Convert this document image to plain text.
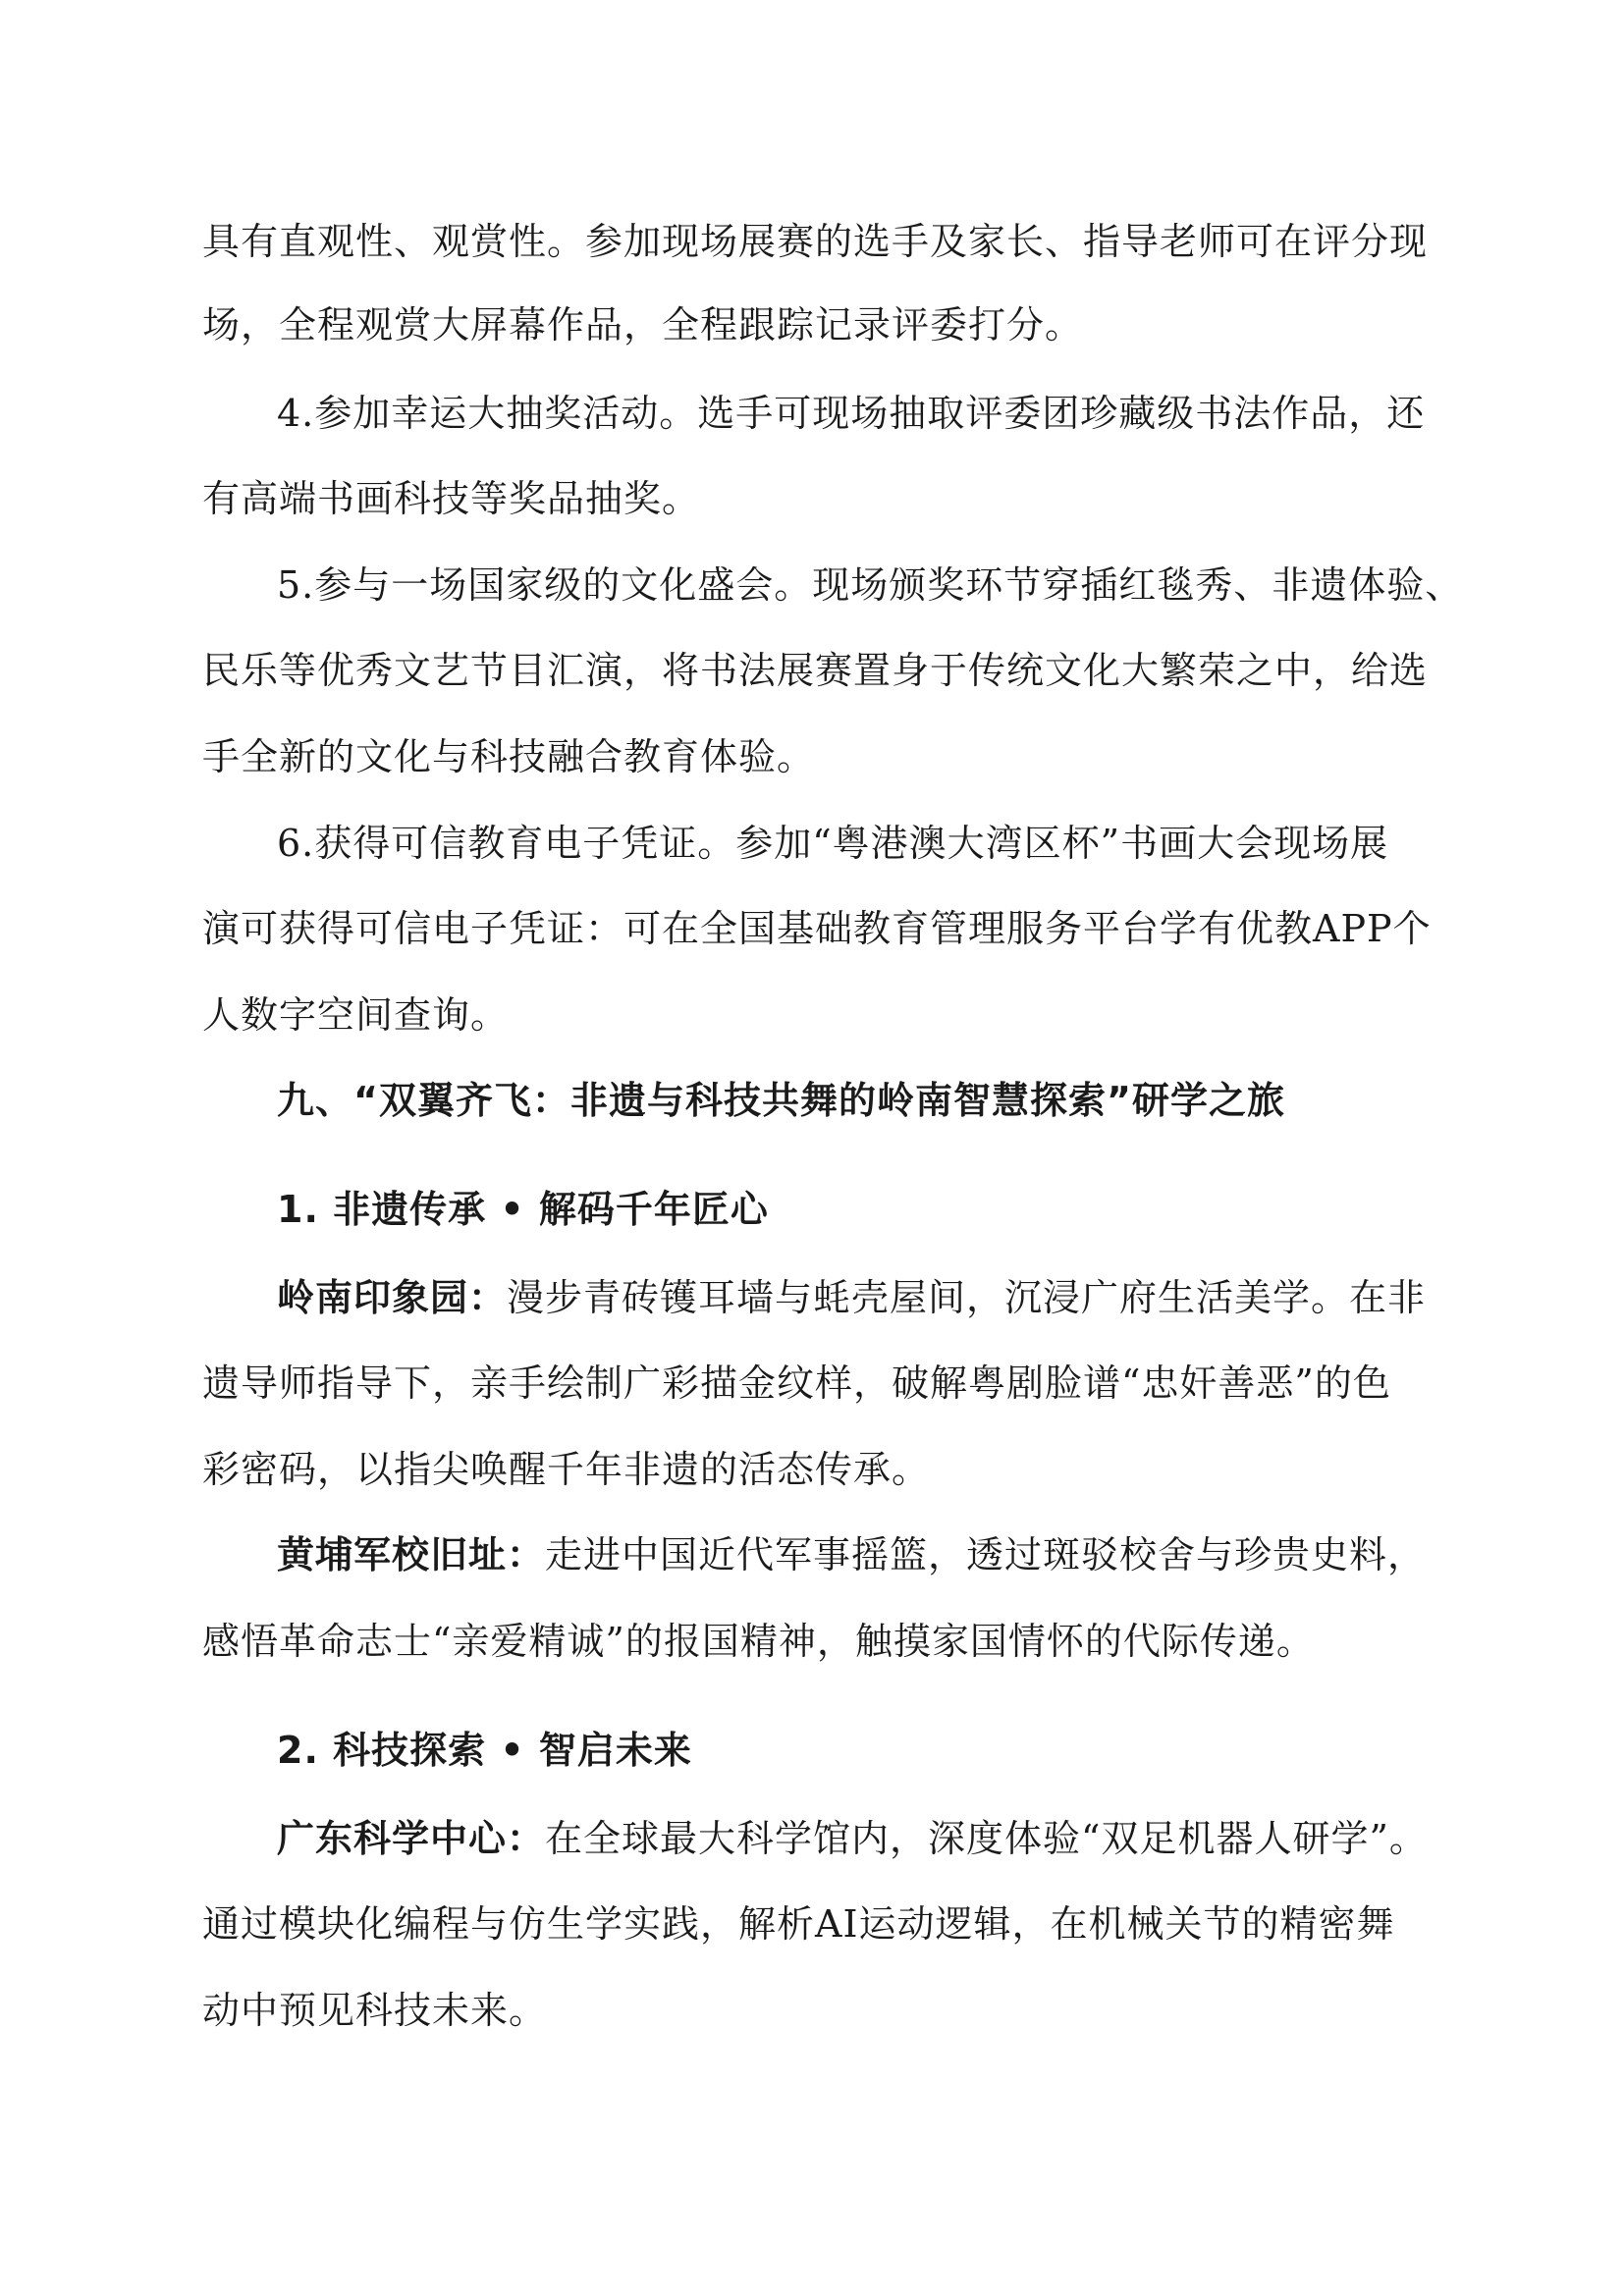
具有直观性、观赏性。参加现场展赛的选手及家长、指导老师可在评分现
场，全程观赏大屏幕作品，全程跟踪记录评委打分。
4.参加幸运大抽奖活动。选手可现场抽取评委团珍藏级书法作品，还
有高端书画科技等奖品抽奖。
5.参与一场国家级的文化盛会。现场颁奖环节穿插红毯秀、非遗体验、
民乐等优秀文艺节目汇演，将书法展赛置身于传统文化大繁荣之中，给选
手全新的文化与科技融合教育体验。
6.获得可信教育电子凭证。参加“粤港澳大湾区杯”书画大会现场展
演可获得可信电子凭证：可在全国基础教育管理服务平台学有优教APP个
人数字空间查询。
九、“双翼齐飞：非遗与科技共舞的岭南智慧探索”研学之旅
1. 非遗传承 • 解码千年匠心
岭南印象园：漫步青砖镬耳墙与蚝壳屋间，沉浸广府生活美学。在非
遗导师指导下，亲手绘制广彩描金纹样，破解粤剧脸谱“忠奸善恶”的色
彩密码，以指尖唤醒千年非遗的活态传承。
黄埔军校旧址：走进中国近代军事摇篮，透过斑驳校舍与珍贵史料，
感悟革命志士“亲爱精诚”的报国精神，触摸家国情怀的代际传递。
2. 科技探索 • 智启未来
广东科学中心：在全球最大科学馆内，深度体验“双足机器人研学”。
通过模块化编程与仿生学实践，解析AI运动逻辑，在机械关节的精密舞
动中预见科技未来。
